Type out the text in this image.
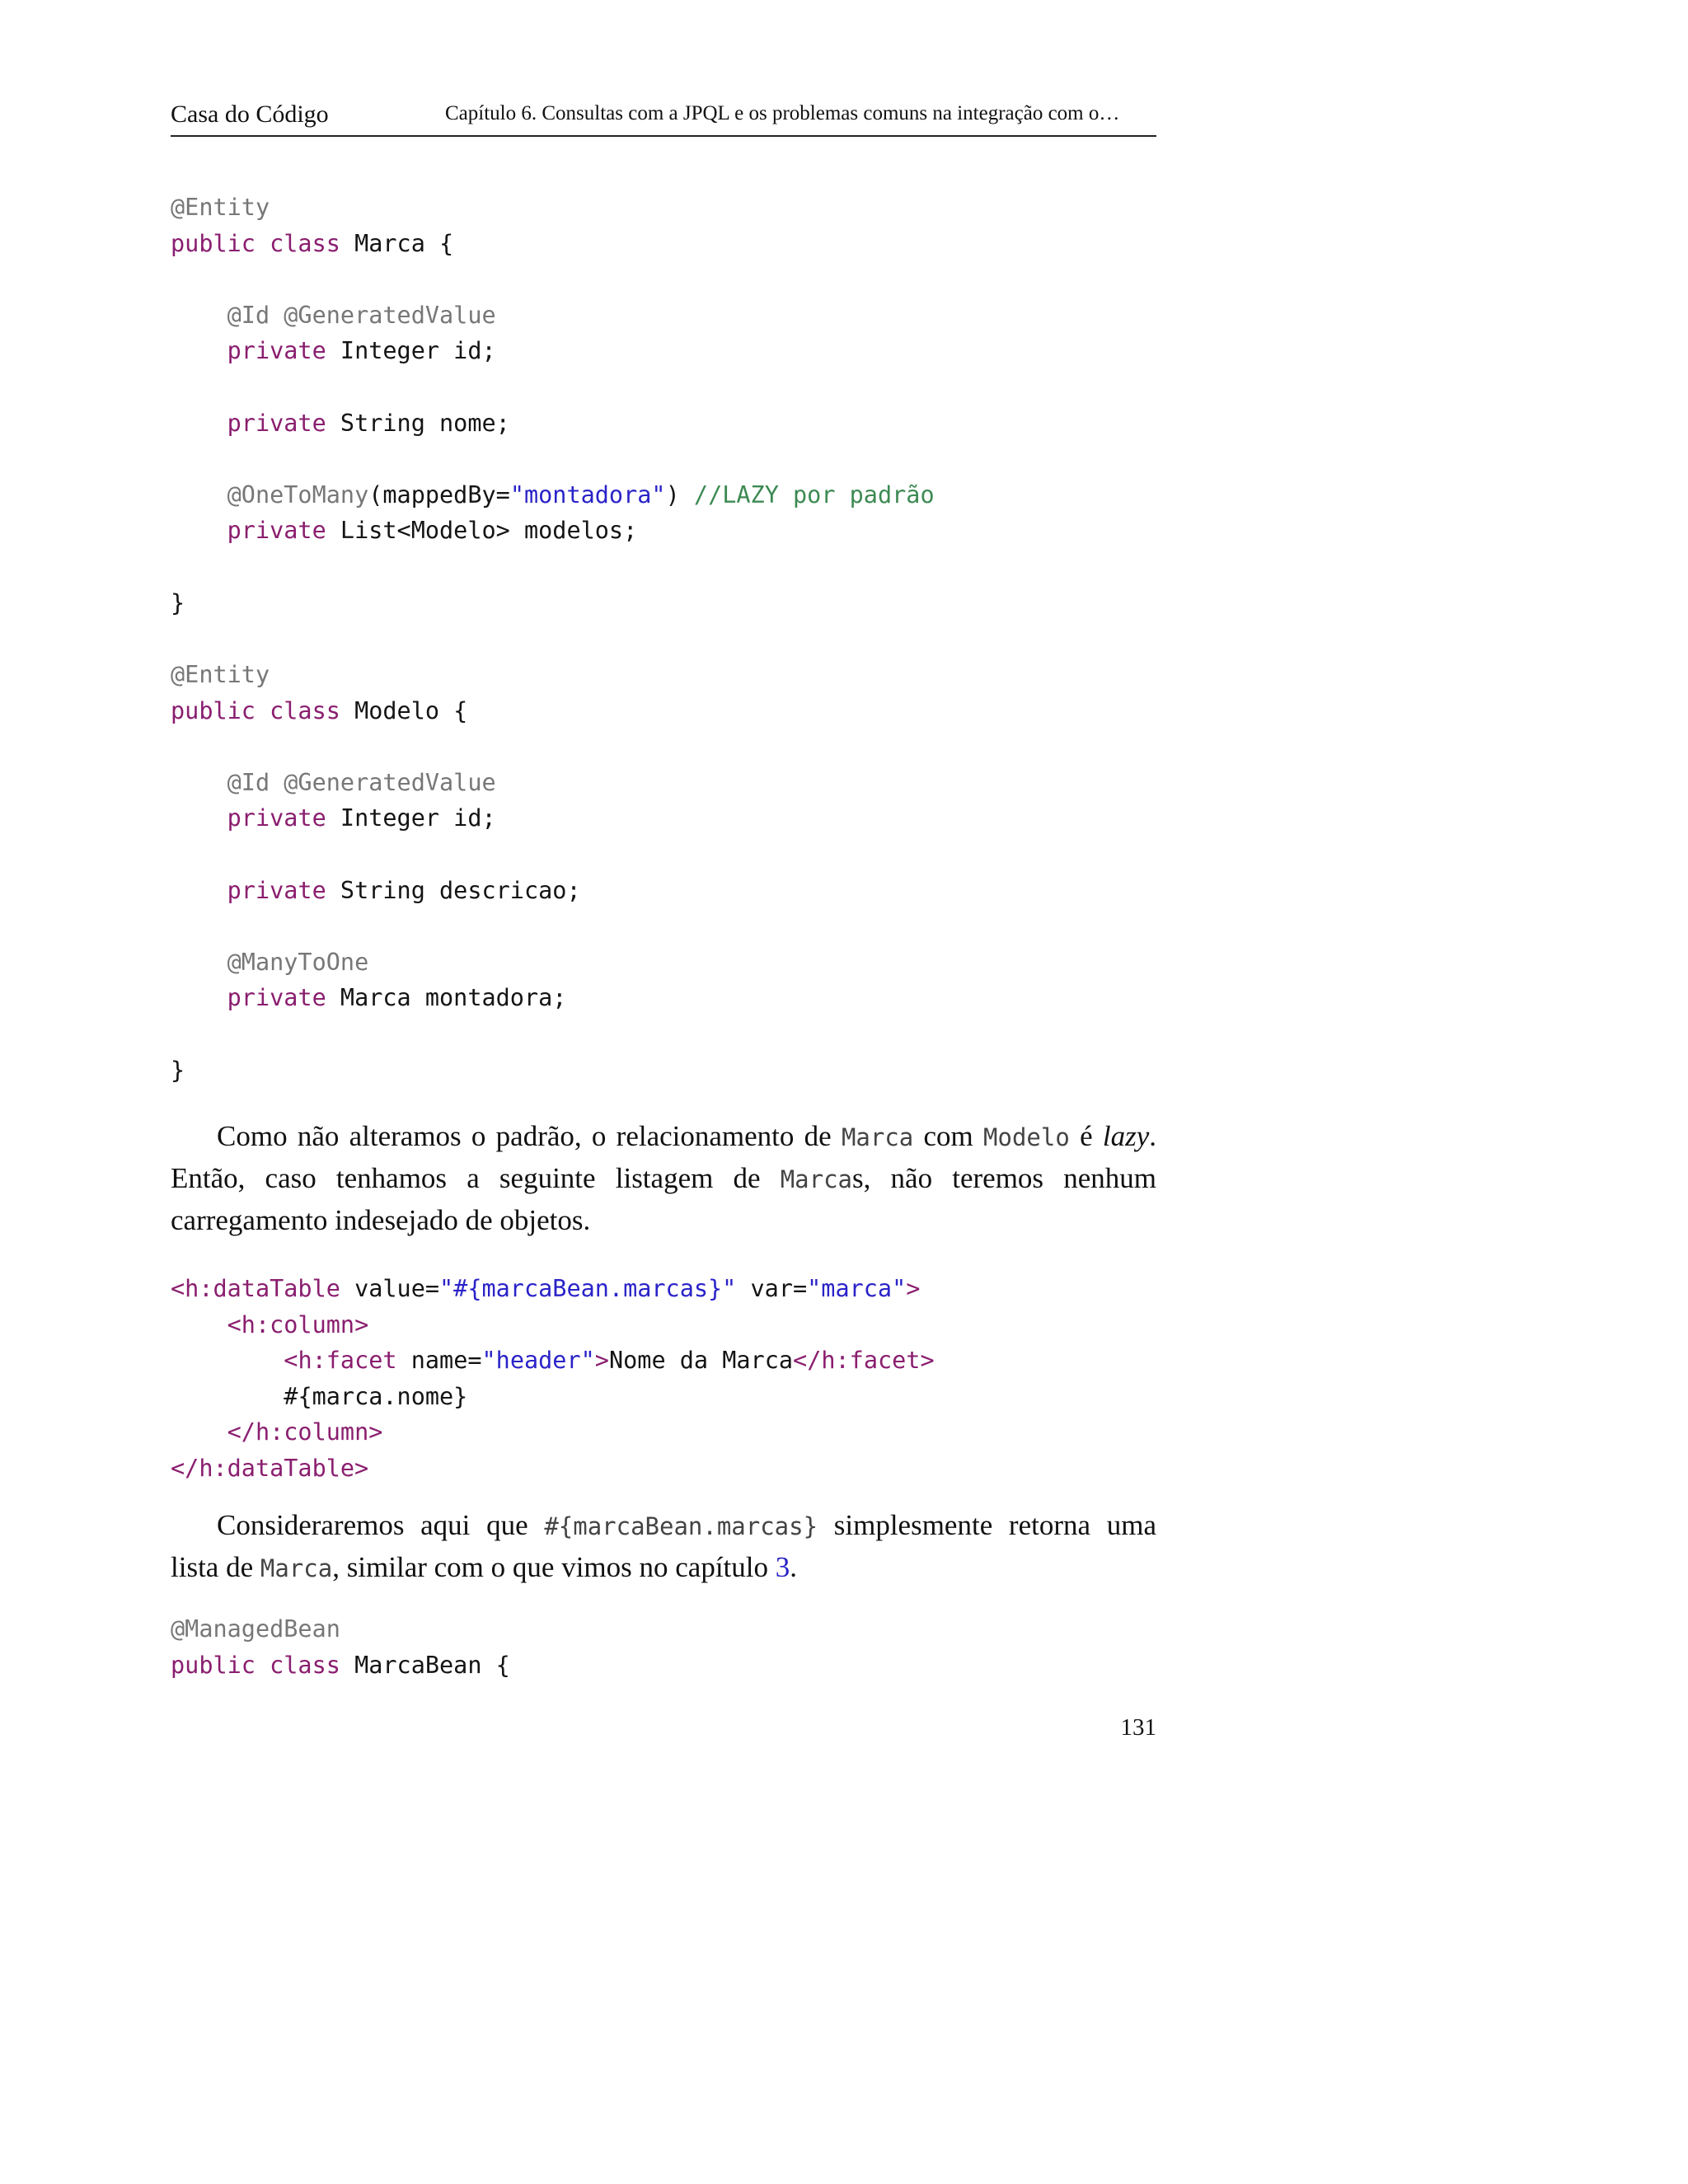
Casa do Código	Capítulo 6. Consultas com a JPQL e os problemas comuns na integração com o…
@Entity
public class Marca {

@Id @GeneratedValue
private Integer id;

private String nome;

@OneToMany(mappedBy="montadora") //LAZY por padrão
private List<Modelo> modelos;

}
@Entity
public class Modelo {

@Id @GeneratedValue
private Integer id;

private String descricao;

@ManyToOne
private Marca montadora;

}

Como não alteramos o padrão, o relacionamento de Marca com Modelo é lazy. Então, caso tenhamos a seguinte listagem de Marcas, não teremos nenhum carregamento indesejado de objetos.

<h:dataTable value="#{marcaBean.marcas}" var="marca">
<h:column>
<h:facet name="header">Nome da Marca</h:facet>
#{marca.nome}
</h:column>
</h:dataTable>

Consideraremos aqui que #{marcaBean.marcas} simplesmente retorna uma lista de Marca, similar com o que vimos no capítulo 3.

@ManagedBean
public class MarcaBean {
131
